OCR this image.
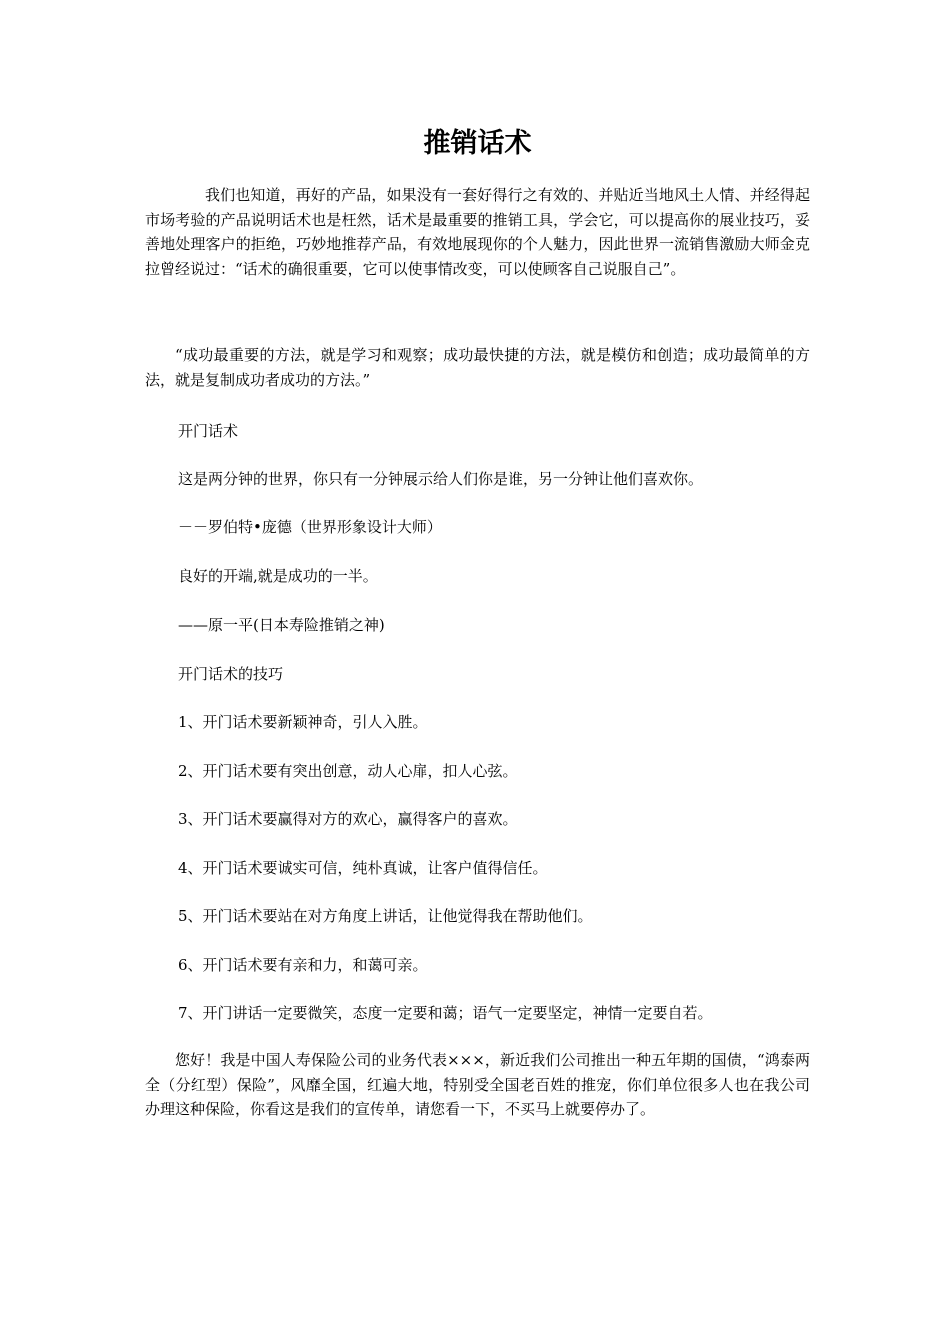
推销话术

我们也知道，再好的产品，如果没有一套好得行之有效的、并贴近当地风土人情、并经得起市场考验的产品说明话术也是枉然，话术是最重要的推销工具，学会它，可以提高你的展业技巧，妥善地处理客户的拒绝，巧妙地推荐产品，有效地展现你的个人魅力，因此世界一流销售激励大师金克拉曾经说过：“话术的确很重要，它可以使事情改变，可以使顾客自己说服自己”。

“成功最重要的方法，就是学习和观察；成功最快捷的方法，就是模仿和创造；成功最简单的方法，就是复制成功者成功的方法。”

开门话术

这是两分钟的世界，你只有一分钟展示给人们你是谁，另一分钟让他们喜欢你。

－－罗伯特•庞德（世界形象设计大师）

良好的开端,就是成功的一半。

——原一平(日本寿险推销之神)

开门话术的技巧

1、开门话术要新颖神奇，引人入胜。

2、开门话术要有突出创意，动人心扉，扣人心弦。

3、开门话术要赢得对方的欢心，赢得客户的喜欢。

4、开门话术要诚实可信，纯朴真诚，让客户值得信任。

5、开门话术要站在对方角度上讲话，让他觉得我在帮助他们。

6、开门话术要有亲和力，和蔼可亲。

7、开门讲话一定要微笑，态度一定要和蔼；语气一定要坚定，神情一定要自若。

您好！我是中国人寿保险公司的业务代表×××，新近我们公司推出一种五年期的国债，“鸿泰两全（分红型）保险”，风靡全国，红遍大地，特别受全国老百姓的推宠，你们单位很多人也在我公司办理这种保险，你看这是我们的宣传单，请您看一下，不买马上就要停办了。
